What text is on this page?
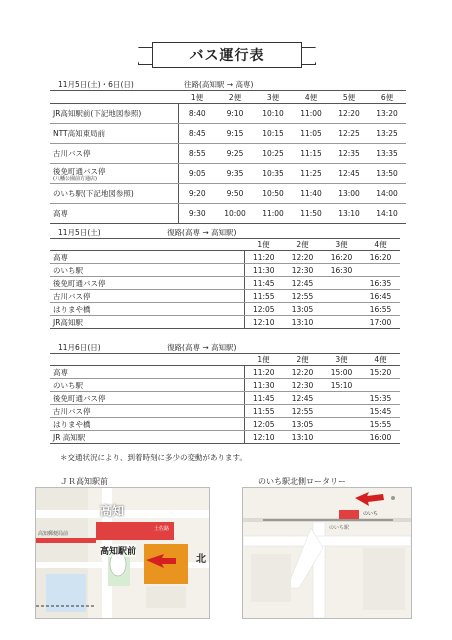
バス運行表
11月5日(土)・6日(日)	往路(高知駅 → 高専)					
	1便	2便	3便	4便	5便	6便
JR高知駅前(下記地図参照)	8:40	9:10	10:10	11:00	12:20	13:20
NTT高知東局前	8:45	9:15	10:15	11:05	12:25	13:25
古川バス停	8:55	9:25	10:25	11:15	12:35	13:35
後免町通バス停
(八幡公園前方通店)	9:05	9:35	10:35	11:25	12:45	13:50
のいち駅(下記地図参照)	9:20	9:50	10:50	11:40	13:00	14:00
高専	9:30	10:00	11:00	11:50	13:10	14:10
11月5日(土) 復路(高専 → 高知駅)				
	1便	2便	3便	4便
高専	11:20	12:20	16:20	16:20
のいち駅	11:30	12:30	16:30	
後免町通バス停	11:45	12:45		16:35
古川バス停	11:55	12:55		16:45
はりまや橋	12:05	13:05		16:55
JR高知駅	12:10	13:10		17:00
11月6日(日) 復路(高専 → 高知駅)				
	1便	2便	3便	4便
高専	11:20	12:20	15:00	15:20
のいち駅	11:30	12:30	15:10	
後免町通バス停	11:45	12:45		15:35
古川バス停	11:55	12:55		15:45
はりまや橋	12:05	13:05		15:55
JR 高知駅	12:10	13:10		16:00
＊交通状況により、到着時刻に多少の変動があります。
ＪＲ高知駅前	のいち駅北側ロータリー
高知
高知駅前
北
土佐路
高知郵便局前
のいち
のいち駅
